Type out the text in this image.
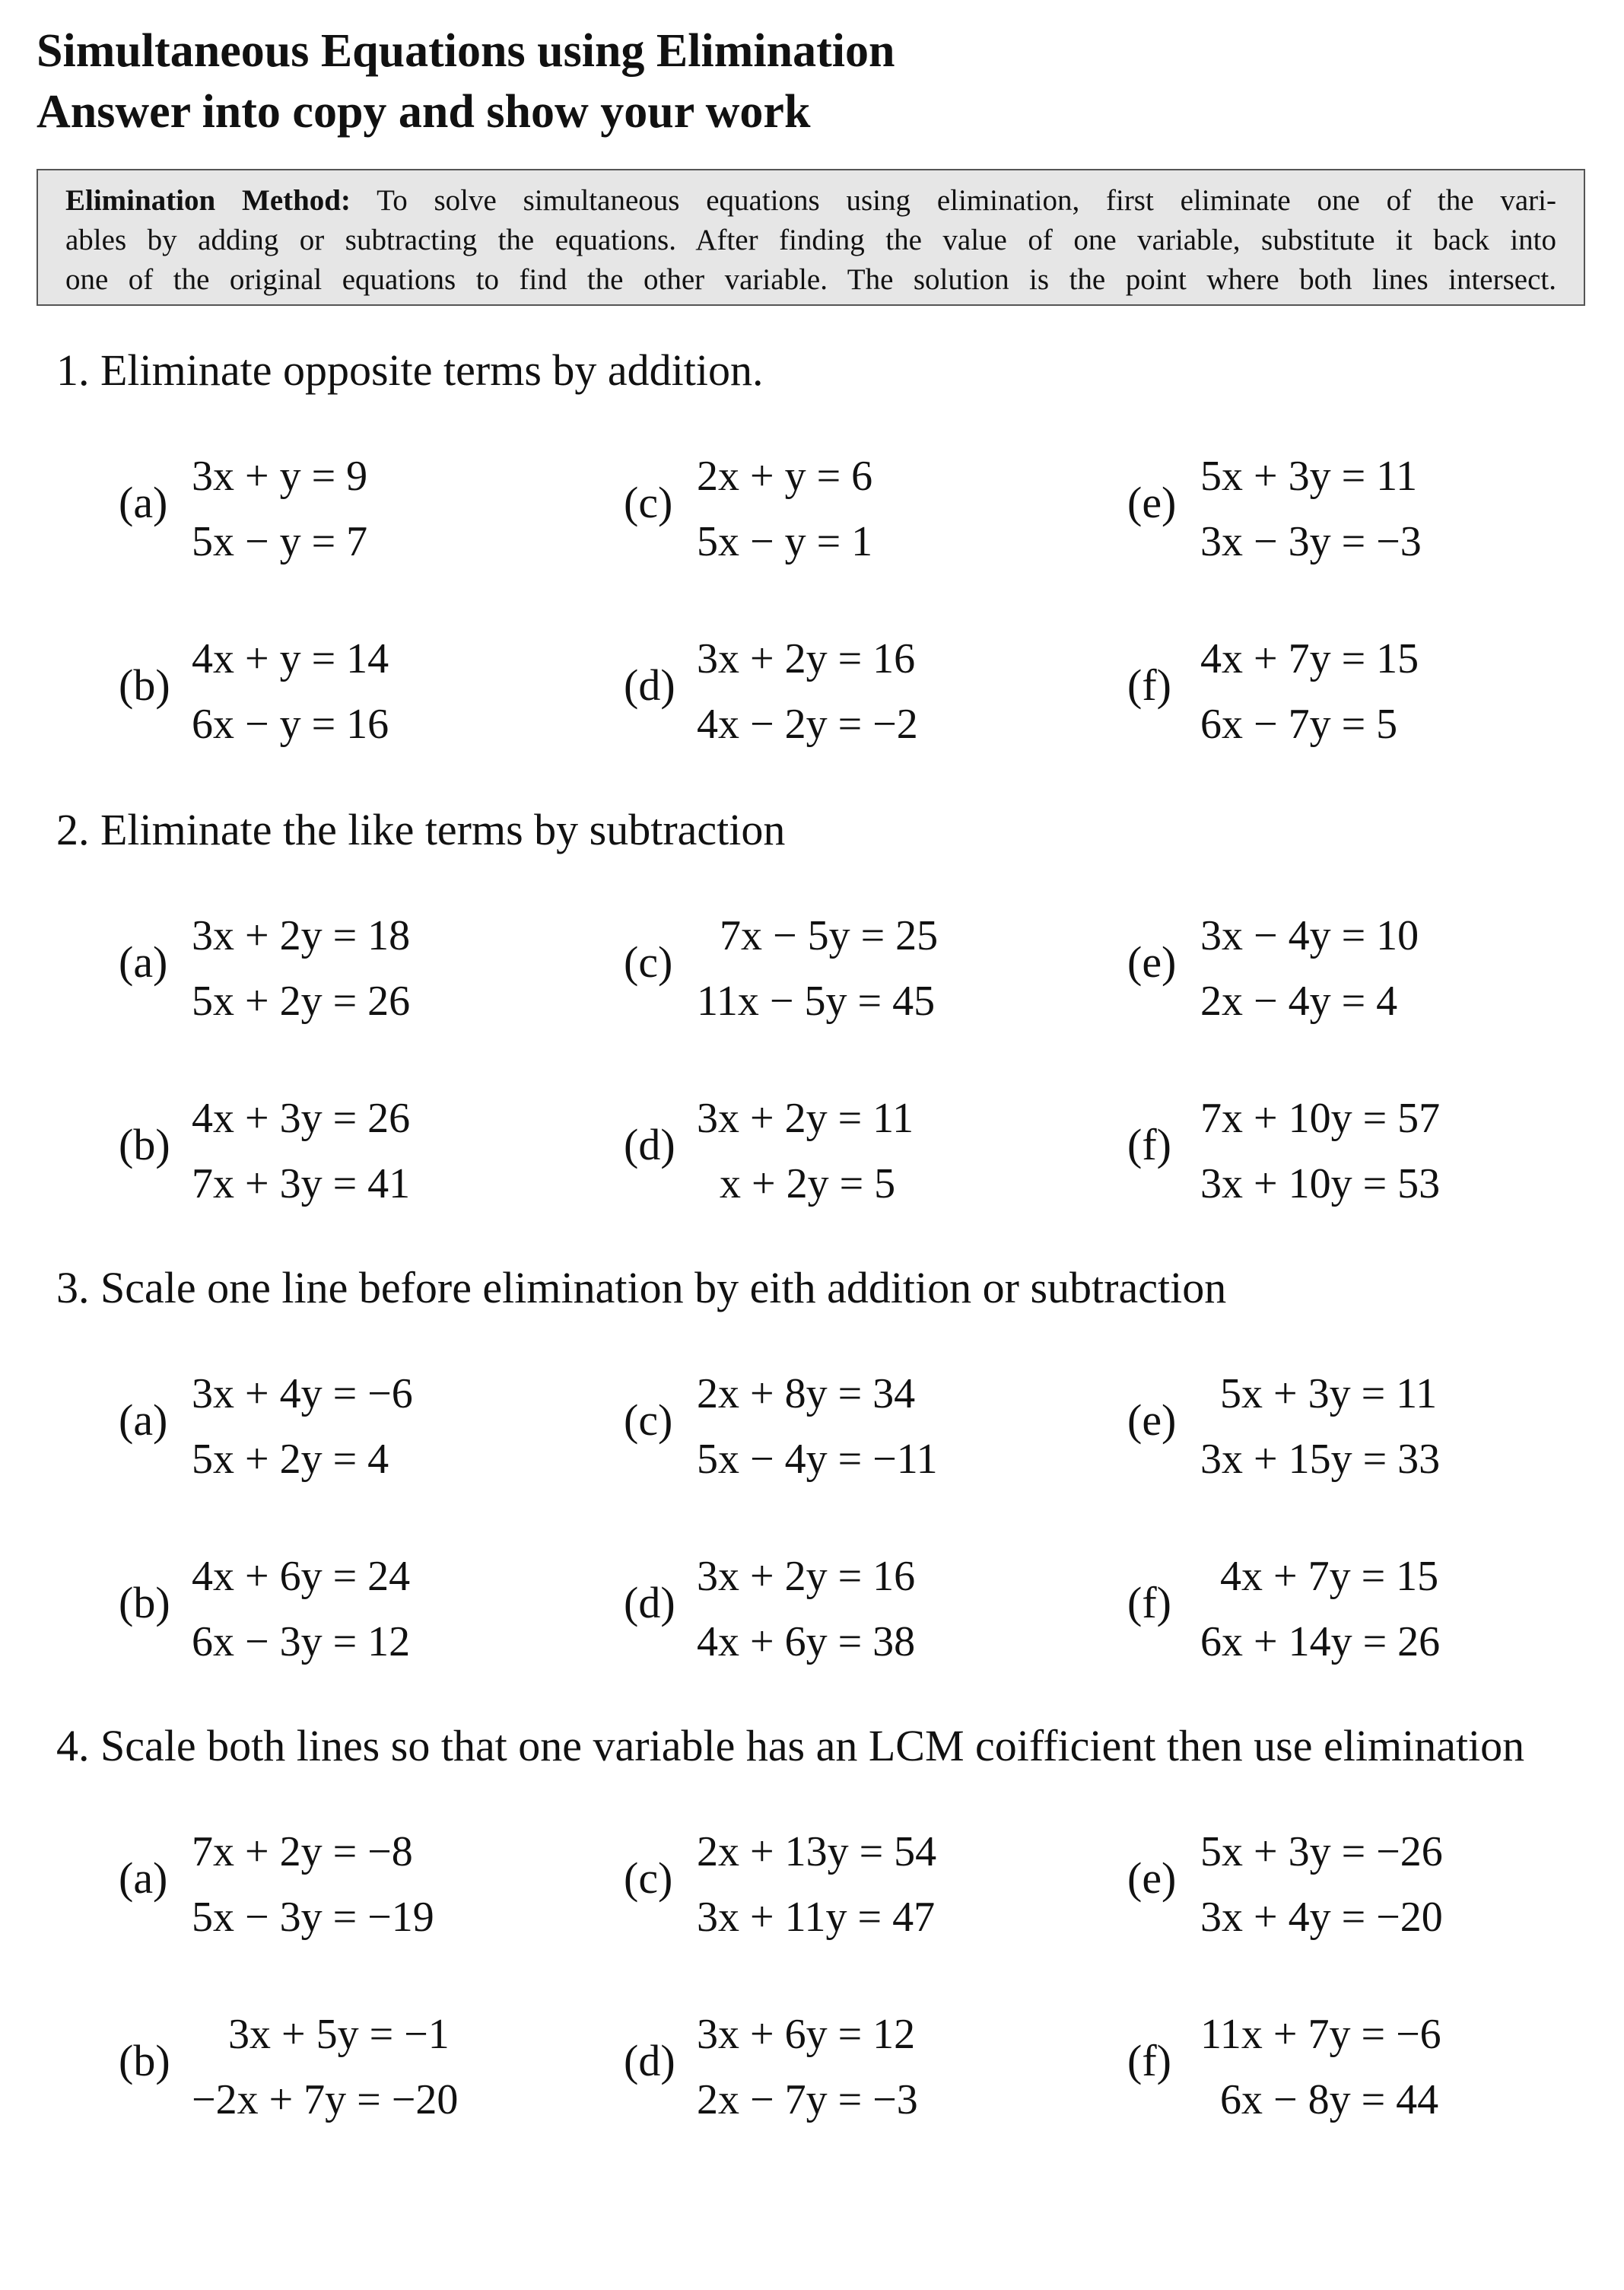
Simultaneous Equations using Elimination
Answer into copy and show your work
Elimination Method: To solve simultaneous equations using elimination, first eliminate one of the vari-
ables by adding or subtracting the equations. After finding the value of one variable, substitute it back into
one of the original equations to find the other variable. The solution is the point where both lines intersect.
1. Eliminate opposite terms by addition.
(a)
3x + y = 9
5x − y = 7
(b)
4x + y = 14
6x − y = 16
(c)
2x + y = 6
5x − y = 1
(d)
3x + 2y = 16
4x − 2y = −2
(e)
5x + 3y = 11
3x − 3y = −3
(f)
4x + 7y = 15
6x − 7y = 5
2. Eliminate the like terms by subtraction
(a)
3x + 2y = 18
5x + 2y = 26
(b)
4x + 3y = 26
7x + 3y = 41
(c)
7x − 5y = 25
11x − 5y = 45
(d)
3x + 2y = 11
x + 2y = 5
(e)
3x − 4y = 10
2x − 4y = 4
(f)
7x + 10y = 57
3x + 10y = 53
3. Scale one line before elimination by eith addition or subtraction
(a)
3x + 4y = −6
5x + 2y = 4
(b)
4x + 6y = 24
6x − 3y = 12
(c)
2x + 8y = 34
5x − 4y = −11
(d)
3x + 2y = 16
4x + 6y = 38
(e)
5x + 3y = 11
3x + 15y = 33
(f)
4x + 7y = 15
6x + 14y = 26
4. Scale both lines so that one variable has an LCM coifficient then use elimination
(a)
7x + 2y = −8
5x − 3y = −19
(b)
3x + 5y = −1
−2x + 7y = −20
(c)
2x + 13y = 54
3x + 11y = 47
(d)
3x + 6y = 12
2x − 7y = −3
(e)
5x + 3y = −26
3x + 4y = −20
(f)
11x + 7y = −6
6x − 8y = 44
